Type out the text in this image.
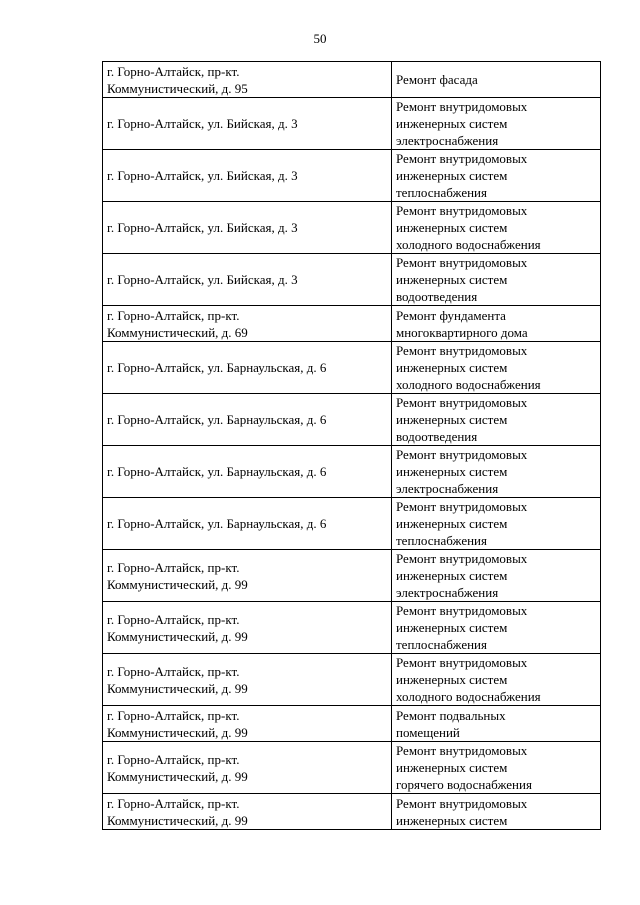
50
г. Горно-Алтайск, пр-кт.
Коммунистический, д. 95	Ремонт фасада

г. Горно-Алтайск, ул. Бийская, д. 3	Ремонт внутридомовых
инженерных систем
электроснабжения

г. Горно-Алтайск, ул. Бийская, д. 3	Ремонт внутридомовых
инженерных систем
теплоснабжения

г. Горно-Алтайск, ул. Бийская, д. 3	Ремонт внутридомовых
инженерных систем
холодного водоснабжения

г. Горно-Алтайск, ул. Бийская, д. 3	Ремонт внутридомовых
инженерных систем
водоотведения

г. Горно-Алтайск, пр-кт.
Коммунистический, д. 69	Ремонт фундамента
многоквартирного дома

г. Горно-Алтайск, ул. Барнаульская, д. 6	Ремонт внутридомовых
инженерных систем
холодного водоснабжения

г. Горно-Алтайск, ул. Барнаульская, д. 6	Ремонт внутридомовых
инженерных систем
водоотведения

г. Горно-Алтайск, ул. Барнаульская, д. 6	Ремонт внутридомовых
инженерных систем
электроснабжения

г. Горно-Алтайск, ул. Барнаульская, д. 6	Ремонт внутридомовых
инженерных систем
теплоснабжения

г. Горно-Алтайск, пр-кт.
Коммунистический, д. 99	Ремонт внутридомовых
инженерных систем
электроснабжения

г. Горно-Алтайск, пр-кт.
Коммунистический, д. 99	Ремонт внутридомовых
инженерных систем
теплоснабжения

г. Горно-Алтайск, пр-кт.
Коммунистический, д. 99	Ремонт внутридомовых
инженерных систем
холодного водоснабжения

г. Горно-Алтайск, пр-кт.
Коммунистический, д. 99	Ремонт подвальных
помещений

г. Горно-Алтайск, пр-кт.
Коммунистический, д. 99	Ремонт внутридомовых
инженерных систем
горячего водоснабжения

г. Горно-Алтайск, пр-кт.
Коммунистический, д. 99	Ремонт внутридомовых
инженерных систем
